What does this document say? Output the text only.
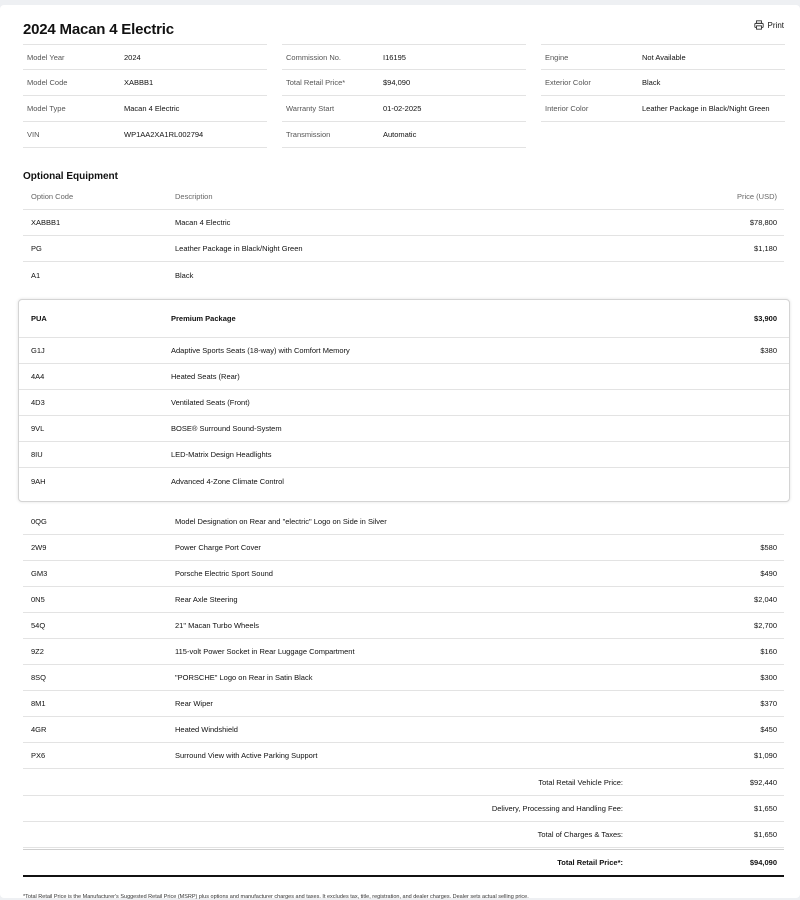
2024 Macan 4 Electric	Print
Model Year	2024
Model Code	XABBB1
Model Type	Macan 4 Electric
VIN	WP1AA2XA1RL002794
Commission No.	I16195
Total Retail Price*	$94,090
Warranty Start	01-02-2025
Transmission	Automatic
Engine	Not Available
Exterior Color	Black
Interior Color	Leather Package in Black/Night Green
Optional Equipment
Option Code	Description	Price (USD)
XABBB1	Macan 4 Electric	$78,800
PG	Leather Package in Black/Night Green	$1,180
A1	Black
PUA	Premium Package	$3,900
G1J	Adaptive Sports Seats (18-way) with Comfort Memory	$380
4A4	Heated Seats (Rear)
4D3	Ventilated Seats (Front)
9VL	BOSE® Surround Sound-System
8IU	LED-Matrix Design Headlights
9AH	Advanced 4-Zone Climate Control
0QG	Model Designation on Rear and "electric" Logo on Side in Silver
2W9	Power Charge Port Cover	$580
GM3	Porsche Electric Sport Sound	$490
0N5	Rear Axle Steering	$2,040
54Q	21" Macan Turbo Wheels	$2,700
9Z2	115-volt Power Socket in Rear Luggage Compartment	$160
8SQ	"PORSCHE" Logo on Rear in Satin Black	$300
8M1	Rear Wiper	$370
4GR	Heated Windshield	$450
PX6	Surround View with Active Parking Support	$1,090
Total Retail Vehicle Price:	$92,440
Delivery, Processing and Handling Fee:	$1,650
Total of Charges & Taxes:	$1,650
Total Retail Price*:	$94,090
*Total Retail Price is the Manufacturer's Suggested Retail Price (MSRP) plus options and manufacturer charges and taxes. It excludes tax, title, registration, and dealer charges. Dealer sets actual selling price.
